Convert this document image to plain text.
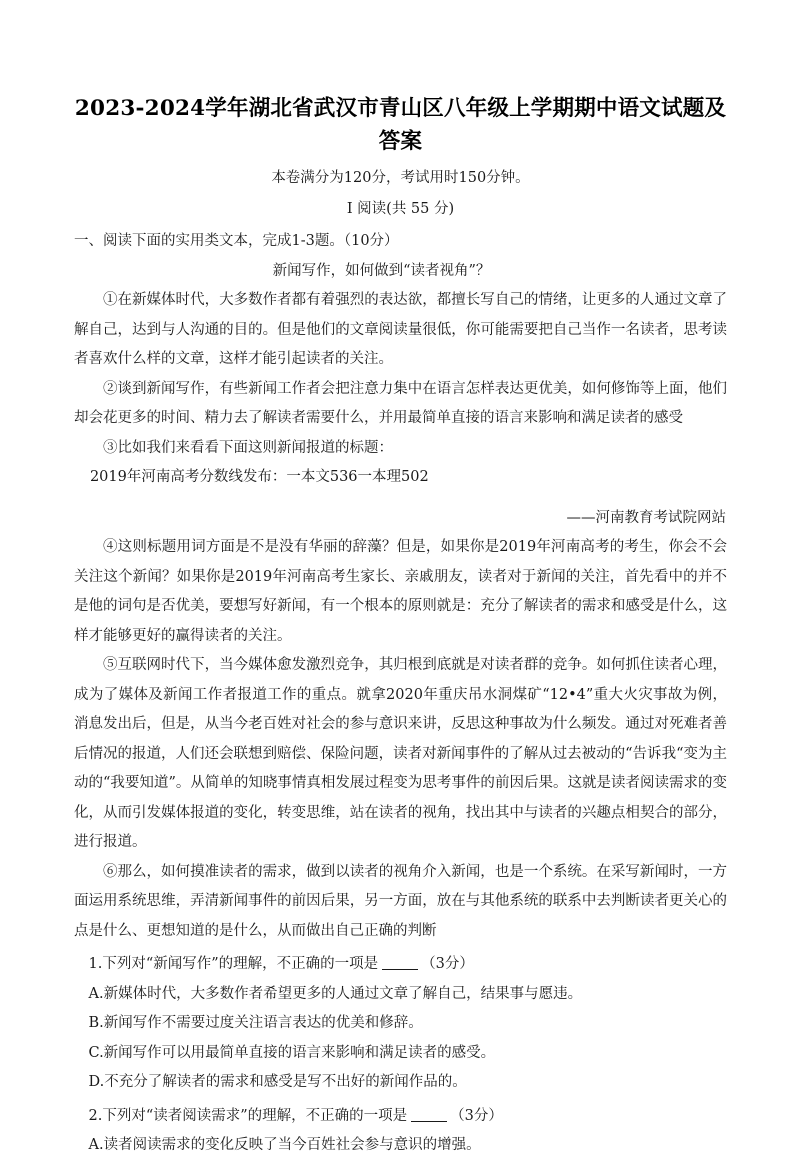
2023-2024学年湖北省武汉市青山区八年级上学期期中语文试题及答案

本卷满分为120分，考试用时150分钟。

I 阅读(共 55 分)

一、阅读下面的实用类文本，完成1-3题。（10分）

新闻写作，如何做到“读者视角”？

①在新媒体时代，大多数作者都有着强烈的表达欲，都擅长写自己的情绪，让更多的人通过文章了解自己，达到与人沟通的目的。但是他们的文章阅读量很低，你可能需要把自己当作一名读者，思考读者喜欢什么样的文章，这样才能引起读者的关注。

②谈到新闻写作，有些新闻工作者会把注意力集中在语言怎样表达更优美，如何修饰等上面，他们却会花更多的时间、精力去了解读者需要什么，并用最简单直接的语言来影响和满足读者的感受

③比如我们来看看下面这则新闻报道的标题：

2019年河南高考分数线发布：一本文536一本理502

——河南教育考试院网站

④这则标题用词方面是不是没有华丽的辞藻？但是，如果你是2019年河南高考的考生，你会不会关注这个新闻？如果你是2019年河南高考生家长、亲戚朋友，读者对于新闻的关注，首先看中的并不是他的词句是否优美，要想写好新闻，有一个根本的原则就是：充分了解读者的需求和感受是什么，这样才能够更好的赢得读者的关注。

⑤互联网时代下，当今媒体愈发激烈竞争，其归根到底就是对读者群的竞争。如何抓住读者心理，成为了媒体及新闻工作者报道工作的重点。就拿2020年重庆吊水洞煤矿“12•4”重大火灾事故为例，消息发出后，但是，从当今老百姓对社会的参与意识来讲，反思这种事故为什么频发。通过对死难者善后情况的报道，人们还会联想到赔偿、保险问题，读者对新闻事件的了解从过去被动的“告诉我“变为主动的“我要知道”。从简单的知晓事情真相发展过程变为思考事件的前因后果。这就是读者阅读需求的变化，从而引发媒体报道的变化，转变思维，站在读者的视角，找出其中与读者的兴趣点相契合的部分，进行报道。

⑥那么，如何摸准读者的需求，做到以读者的视角介入新闻，也是一个系统。在采写新闻时，一方面运用系统思维，弄清新闻事件的前因后果，另一方面，放在与其他系统的联系中去判断读者更关心的点是什么、更想知道的是什么，从而做出自己正确的判断

1.下列对“新闻写作”的理解，不正确的一项是	（3分）

A.新媒体时代，大多数作者希望更多的人通过文章了解自己，结果事与愿违。

B.新闻写作不需要过度关注语言表达的优美和修辞。

C.新闻写作可以用最简单直接的语言来影响和满足读者的感受。

D.不充分了解读者的需求和感受是写不出好的新闻作品的。

2.下列对“读者阅读需求”的理解，不正确的一项是	（3分）

A.读者阅读需求的变化反映了当今百姓社会参与意识的增强。
